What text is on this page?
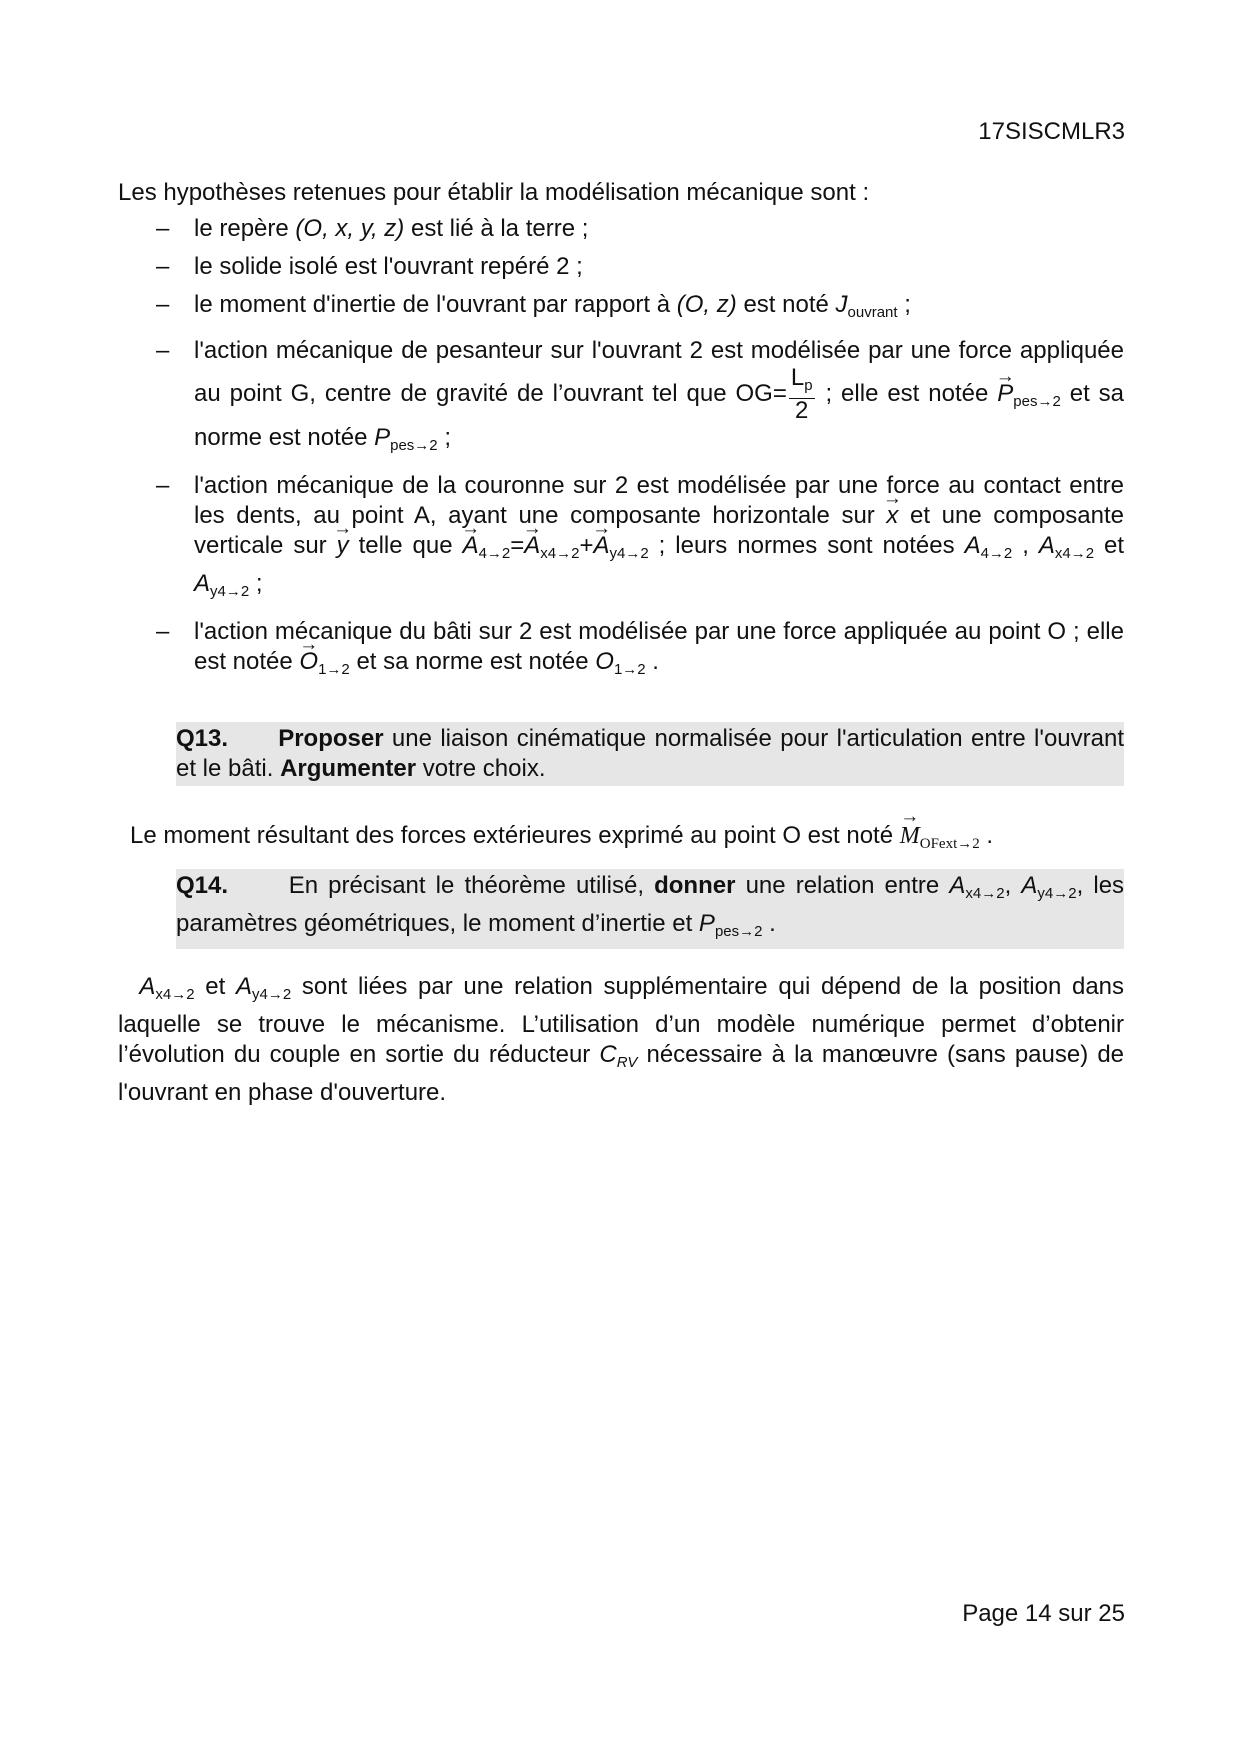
17SISCMLR3
Les hypothèses retenues pour établir la modélisation mécanique sont :
– le repère (O, x, y, z) est lié à la terre ;
– le solide isolé est l'ouvrant repéré 2 ;
– le moment d'inertie de l'ouvrant par rapport à (O, z) est noté $J_{ouvrant}$ ;
– l'action mécanique de pesanteur sur l'ouvrant 2 est modélisée par une force appliquée au point G, centre de gravité de l’ouvrant tel que $OG= \frac{L_p}{2}$ ; elle est notée → $P_{pes\to 2}$ et sa norme est notée $P_{pes\to 2}$ ;
– l'action mécanique de la couronne sur 2 est modélisée par une force au contact entre les dents, au point A, ayant une composante horizontale sur → x et une composante verticale sur → y telle que → $A_{4\to 2}=\to A_{x4\to 2}+\to A_{y4\to 2}$ ; leurs normes sont notées $A_{4\to 2}$ , $A_{x4\to 2}$ et $A_{y4\to 2}$ ;
– l'action mécanique du bâti sur 2 est modélisée par une force appliquée au point O ; elle est notée → $O_{1\to 2}$ et sa norme est notée $O_{1\to 2}$ .
Q13. Proposer une liaison cinématique normalisée pour l'articulation entre l'ouvrant et le bâti. Argumenter votre choix.
Le moment résultant des forces extérieures exprimé au point O est noté → $M_{OFext\to 2}$ .
Q14.	En précisant le théorème utilisé, donner une relation entre $A_{x4\to 2}$, $A_{y4\to 2}$, les paramètres géométriques, le moment d’inertie et $P_{pes\to 2}$ .
$A_{x4\to 2}$ et $A_{y4\to 2}$ sont liées par une relation supplémentaire qui dépend de la position dans laquelle se trouve le mécanisme. L’utilisation d’un modèle numérique permet d’obtenir l’évolution du couple en sortie du réducteur $C_{RV}$ nécessaire à la manœuvre (sans pause) de l'ouvrant en phase d'ouverture.
Page 14 sur 25
